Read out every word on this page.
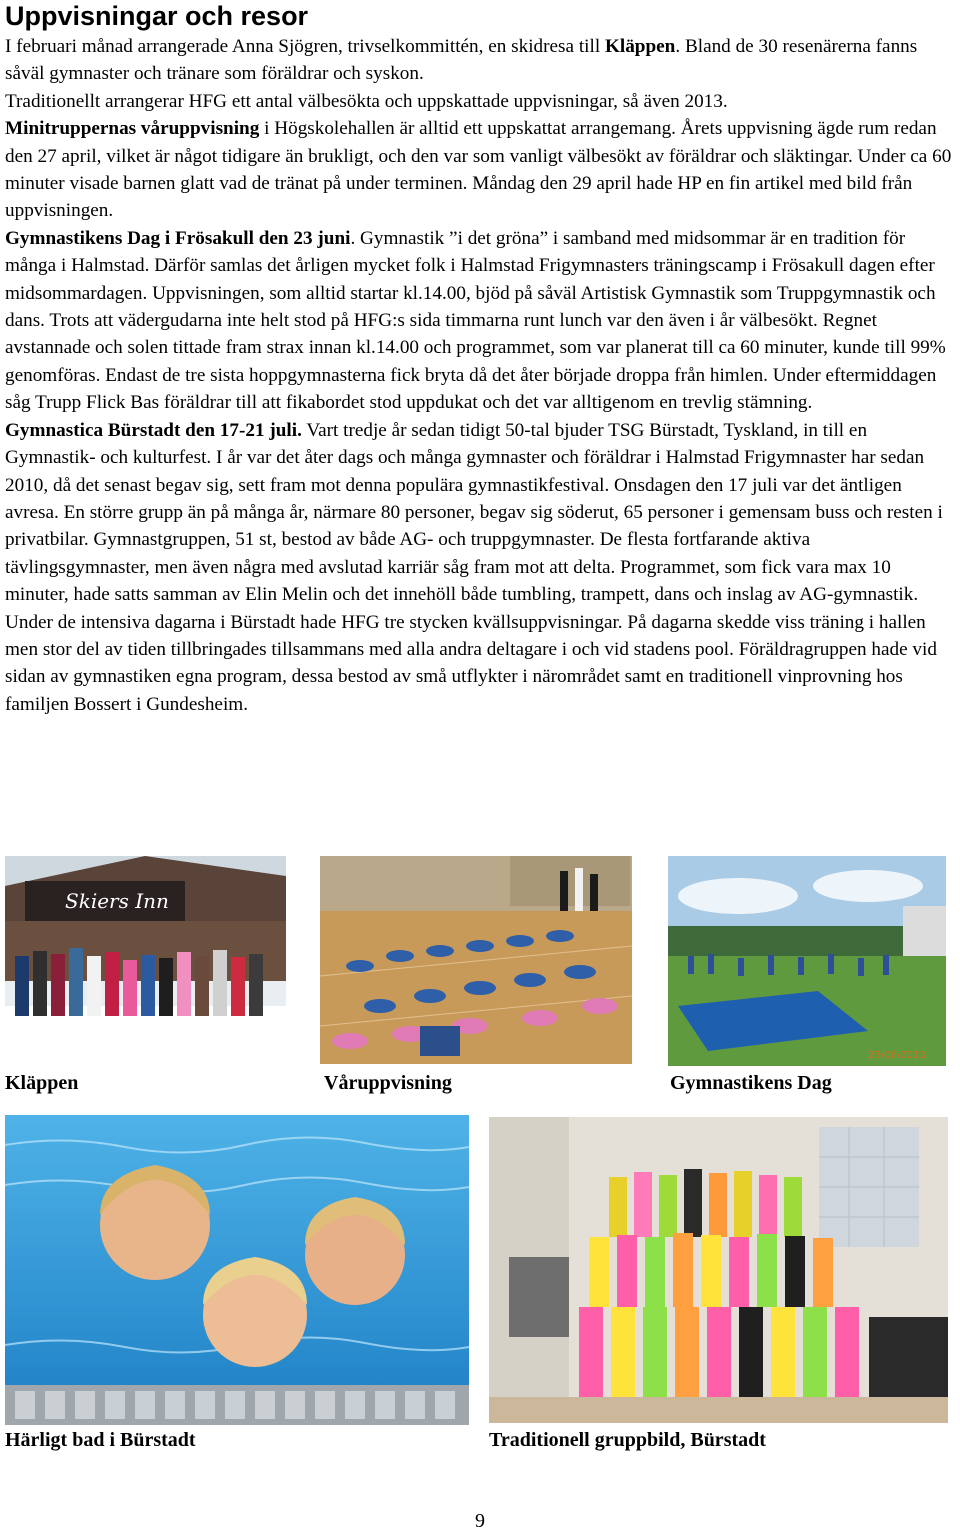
Uppvisningar och resor
I februari månad arrangerade Anna Sjögren, trivselkommittén, en skidresa till Kläppen. Bland de 30 resenärerna fanns såväl gymnaster och tränare som föräldrar och syskon.
Traditionellt arrangerar HFG ett antal välbesökta och uppskattade uppvisningar, så även 2013.
Minitruppernas våruppvisning i Högskolehallen är alltid ett uppskattat arrangemang. Årets uppvisning ägde rum redan den 27 april, vilket är något tidigare än brukligt, och den var som vanligt välbesökt av föräldrar och släktingar. Under ca 60 minuter visade barnen glatt vad de tränat på under terminen. Måndag den 29 april hade HP en fin artikel med bild från uppvisningen.
Gymnastikens Dag i Frösakull den 23 juni. Gymnastik ”i det gröna” i samband med midsommar är en tradition för många i Halmstad. Därför samlas det årligen mycket folk i Halmstad Frigymnasters träningscamp i Frösakull dagen efter midsommardagen. Uppvisningen, som alltid startar kl.14.00, bjöd på såväl Artistisk Gymnastik som Truppgymnastik och dans. Trots att vädergudarna inte helt stod på HFG:s sida timmarna runt lunch var den även i år välbesökt. Regnet avstannade och solen tittade fram strax innan kl.14.00 och programmet, som var planerat till ca 60 minuter, kunde till 99% genomföras. Endast de tre sista hoppgymnasterna fick bryta då det åter började droppa från himlen. Under eftermiddagen såg Trupp Flick Bas föräldrar till att fikabordet stod uppdukat och det var alltigenom en trevlig stämning.
Gymnastica Bürstadt den 17-21 juli. Vart tredje år sedan tidigt 50-tal bjuder TSG Bürstadt, Tyskland, in till en Gymnastik- och kulturfest. I år var det åter dags och många gymnaster och föräldrar i Halmstad Frigymnaster har sedan 2010, då det senast begav sig, sett fram mot denna populära gymnastikfestival. Onsdagen den 17 juli var det äntligen avresa. En större grupp än på många år, närmare 80 personer, begav sig söderut, 65 personer i gemensam buss och resten i privatbilar. Gymnastgruppen, 51 st, bestod av både AG- och truppgymnaster. De flesta fortfarande aktiva tävlingsgymnaster, men även några med avslutad karriär såg fram mot att delta. Programmet, som fick vara max 10 minuter, hade satts samman av Elin Melin och det innehöll både tumbling, trampett, dans och inslag av AG-gymnastik. Under de intensiva dagarna i Bürstadt hade HFG tre stycken kvällsuppvisningar. På dagarna skedde viss träning i hallen men stor del av tiden tillbringades tillsammans med alla andra deltagare i och vid stadens pool. Föräldragruppen hade vid sidan av gymnastiken egna program, dessa bestod av små utflykter i närområdet samt en traditionell vinprovning hos familjen Bossert i Gundesheim.
Skiers Inn
23/06/2013
Kläppen	Våruppvisning	Gymnastikens Dag
Härligt bad i Bürstadt	Traditionell gruppbild, Bürstadt
9
